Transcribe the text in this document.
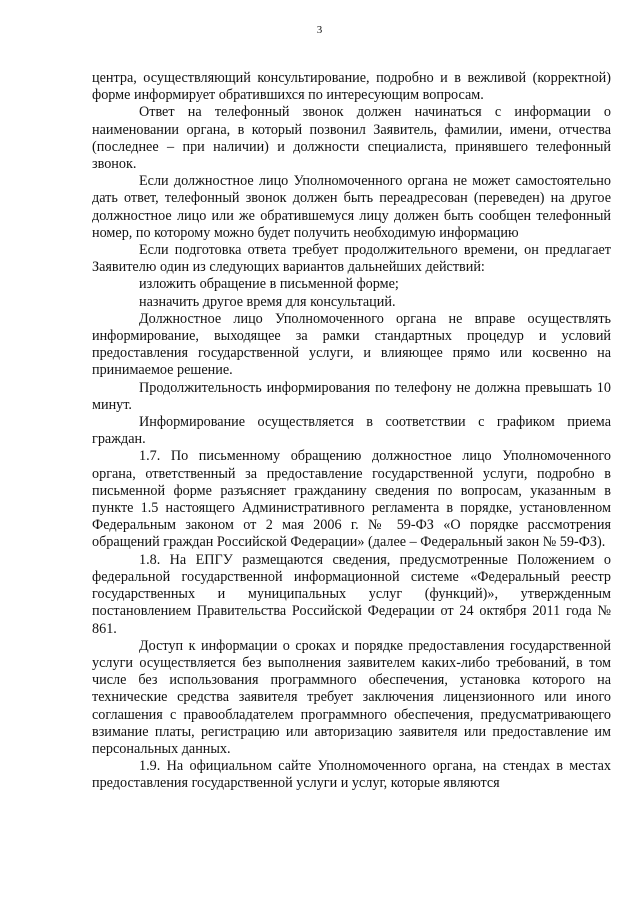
3

центра, осуществляющий консультирование, подробно и в вежливой (корректной) форме информирует обратившихся по интересующим вопросам.

Ответ на телефонный звонок должен начинаться с информации о наименовании органа, в который позвонил Заявитель, фамилии, имени, отчества (последнее – при наличии) и должности специалиста, принявшего телефонный звонок.

Если должностное лицо Уполномоченного органа не может самостоятельно дать ответ, телефонный звонок должен быть переадресован (переведен) на другое должностное лицо или же обратившемуся лицу должен быть сообщен телефонный номер, по которому можно будет получить необходимую информацию

Если подготовка ответа требует продолжительного времени, он предлагает Заявителю один из следующих вариантов дальнейших действий:

изложить обращение в письменной форме;

назначить другое время для консультаций.

Должностное лицо Уполномоченного органа не вправе осуществлять информирование, выходящее за рамки стандартных процедур и условий предоставления государственной услуги, и влияющее прямо или косвенно на принимаемое решение.

Продолжительность информирования по телефону не должна превышать 10 минут.

Информирование осуществляется в соответствии с графиком приема граждан.

1.7. По письменному обращению должностное лицо Уполномоченного органа, ответственный за предоставление государственной услуги, подробно в письменной форме разъясняет гражданину сведения по вопросам, указанным в пункте 1.5 настоящего Административного регламента в порядке, установленном Федеральным законом от 2 мая 2006 г. № 59-ФЗ «О порядке рассмотрения обращений граждан Российской Федерации» (далее – Федеральный закон № 59-ФЗ).

1.8. На ЕПГУ размещаются сведения, предусмотренные Положением о федеральной государственной информационной системе «Федеральный реестр государственных и муниципальных услуг (функций)», утвержденным постановлением Правительства Российской Федерации от 24 октября 2011 года № 861.

Доступ к информации о сроках и порядке предоставления государственной услуги осуществляется без выполнения заявителем каких-либо требований, в том числе без использования программного обеспечения, установка которого на технические средства заявителя требует заключения лицензионного или иного соглашения с правообладателем программного обеспечения, предусматривающего взимание платы, регистрацию или авторизацию заявителя или предоставление им персональных данных.

1.9. На официальном сайте Уполномоченного органа, на стендах в местах предоставления государственной услуги и услуг, которые являются
